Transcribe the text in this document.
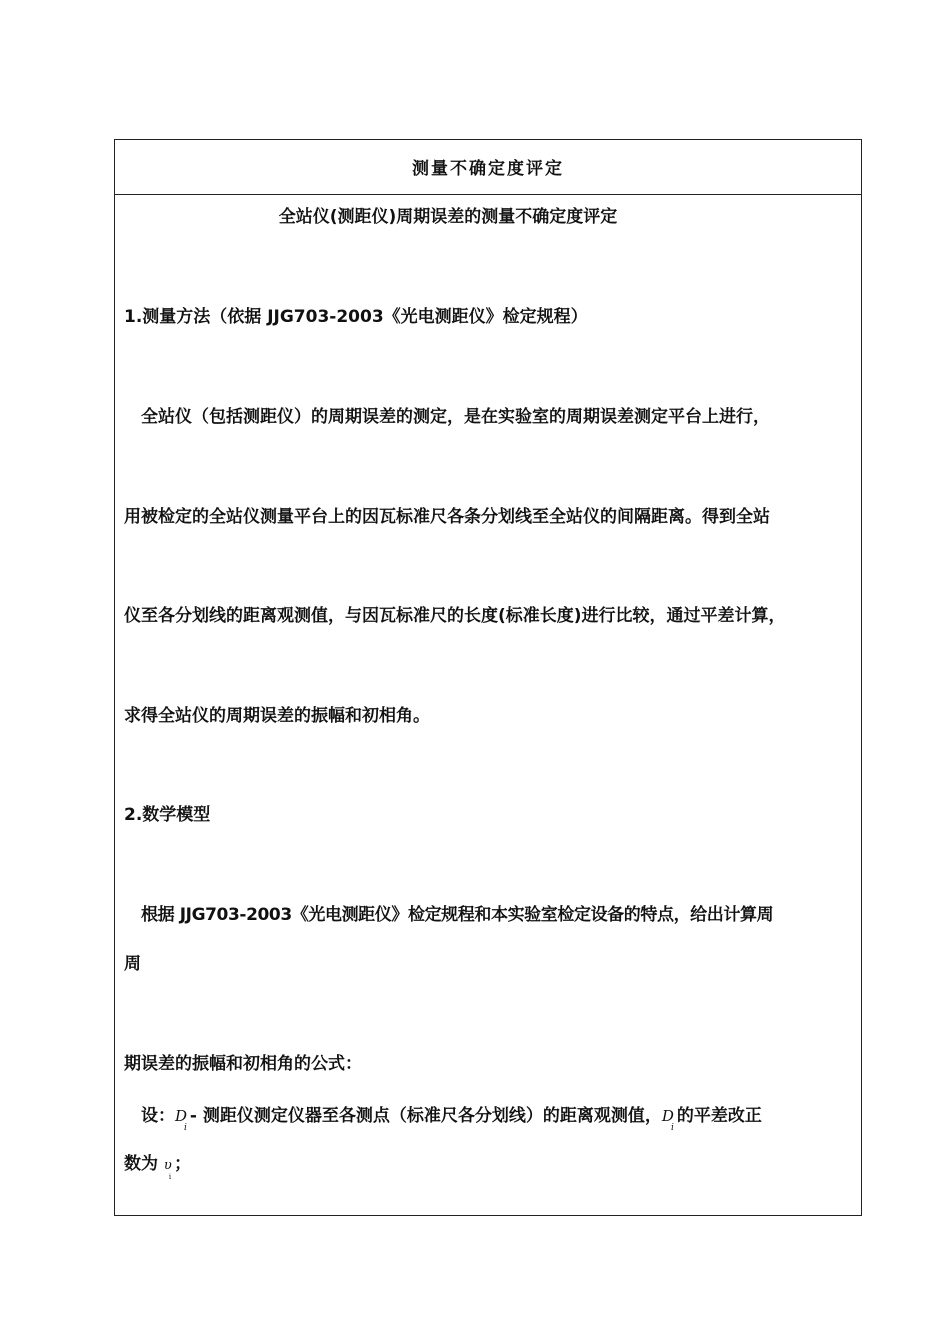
测量不确定度评定
全站仪(测距仪)周期误差的测量不确定度评定
1.测量方法（依据 JJG703-2003《光电测距仪》检定规程）
全站仪（包括测距仪）的周期误差的测定，是在实验室的周期误差测定平台上进行，
用被检定的全站仪测量平台上的因瓦标准尺各条分划线至全站仪的间隔距离。得到全站
仪至各分划线的距离观测值，与因瓦标准尺的长度(标准长度)进行比较，通过平差计算，
求得全站仪的周期误差的振幅和初相角。
2.数学模型
根据 JJG703-2003《光电测距仪》检定规程和本实验室检定设备的特点，给出计算周
周
期误差的振幅和初相角的公式：
设：$D_i-$ 测距仪测定仪器至各测点（标准尺各分划线）的距离观测值，$D_i$的平差改正
数为 $\upsilon_i$；
